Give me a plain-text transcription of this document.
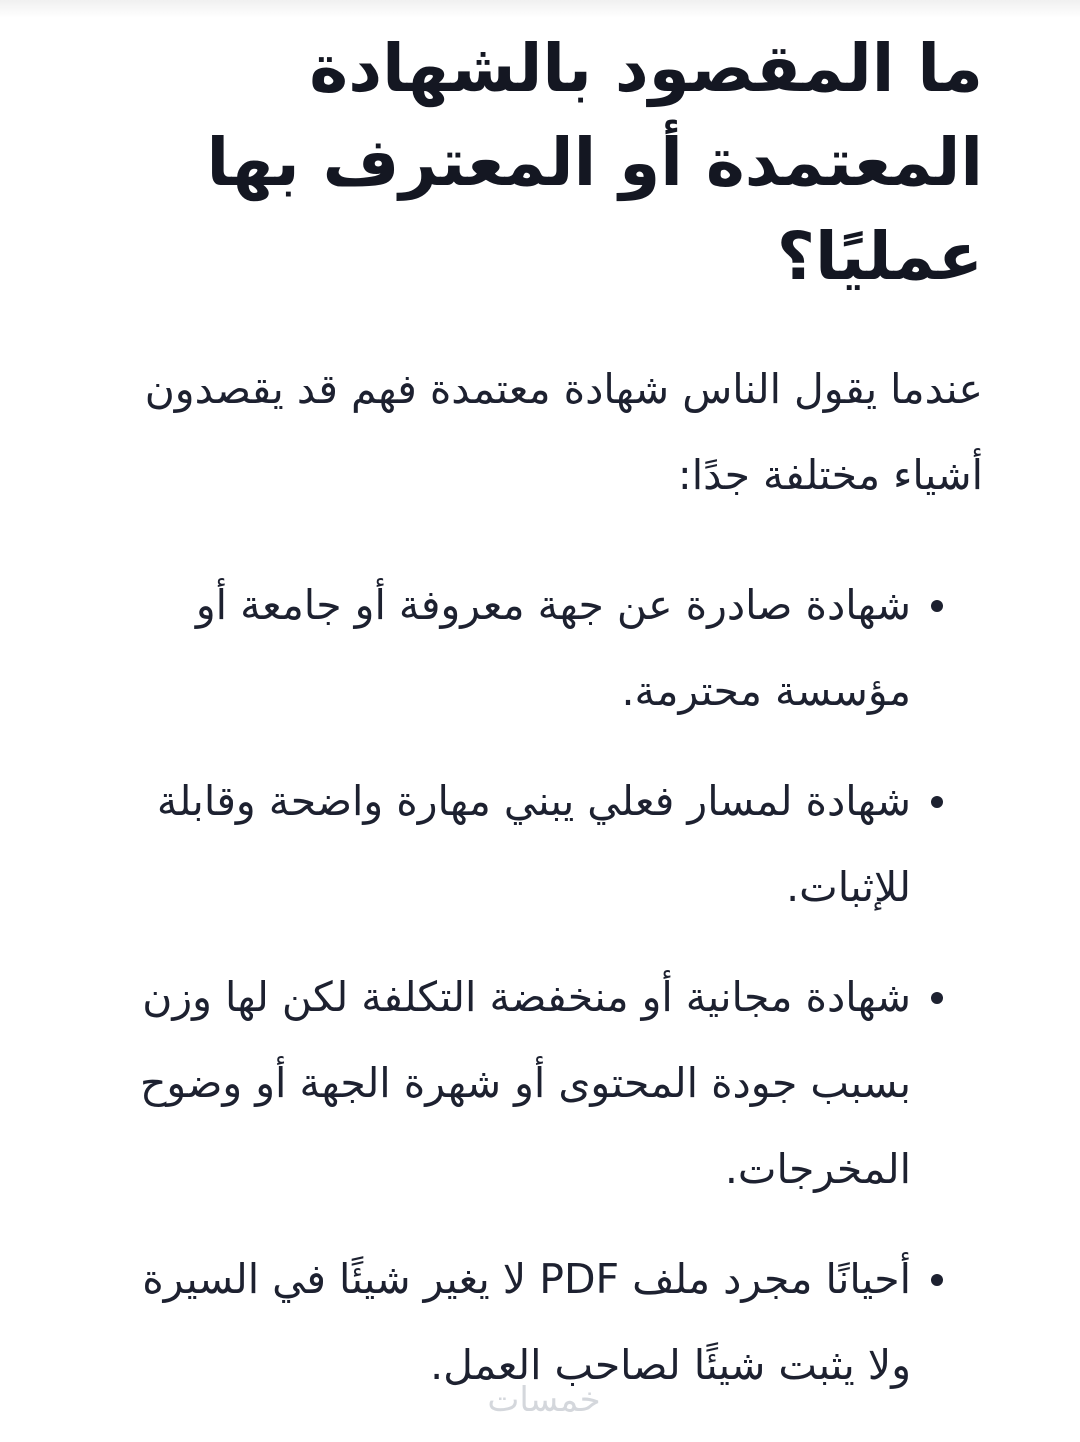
ما المقصود بالشهادة المعتمدة أو المعترف بها عمليًا؟

عندما يقول الناس شهادة معتمدة فهم قد يقصدون أشياء مختلفة جدًا:

شهادة صادرة عن جهة معروفة أو جامعة أو مؤسسة محترمة.
شهادة لمسار فعلي يبني مهارة واضحة وقابلة للإثبات.
شهادة مجانية أو منخفضة التكلفة لكن لها وزن بسبب جودة المحتوى أو شهرة الجهة أو وضوح المخرجات.
أحيانًا مجرد ملف PDF لا يغير شيئًا في السيرة ولا يثبت شيئًا لصاحب العمل.
خمسات
